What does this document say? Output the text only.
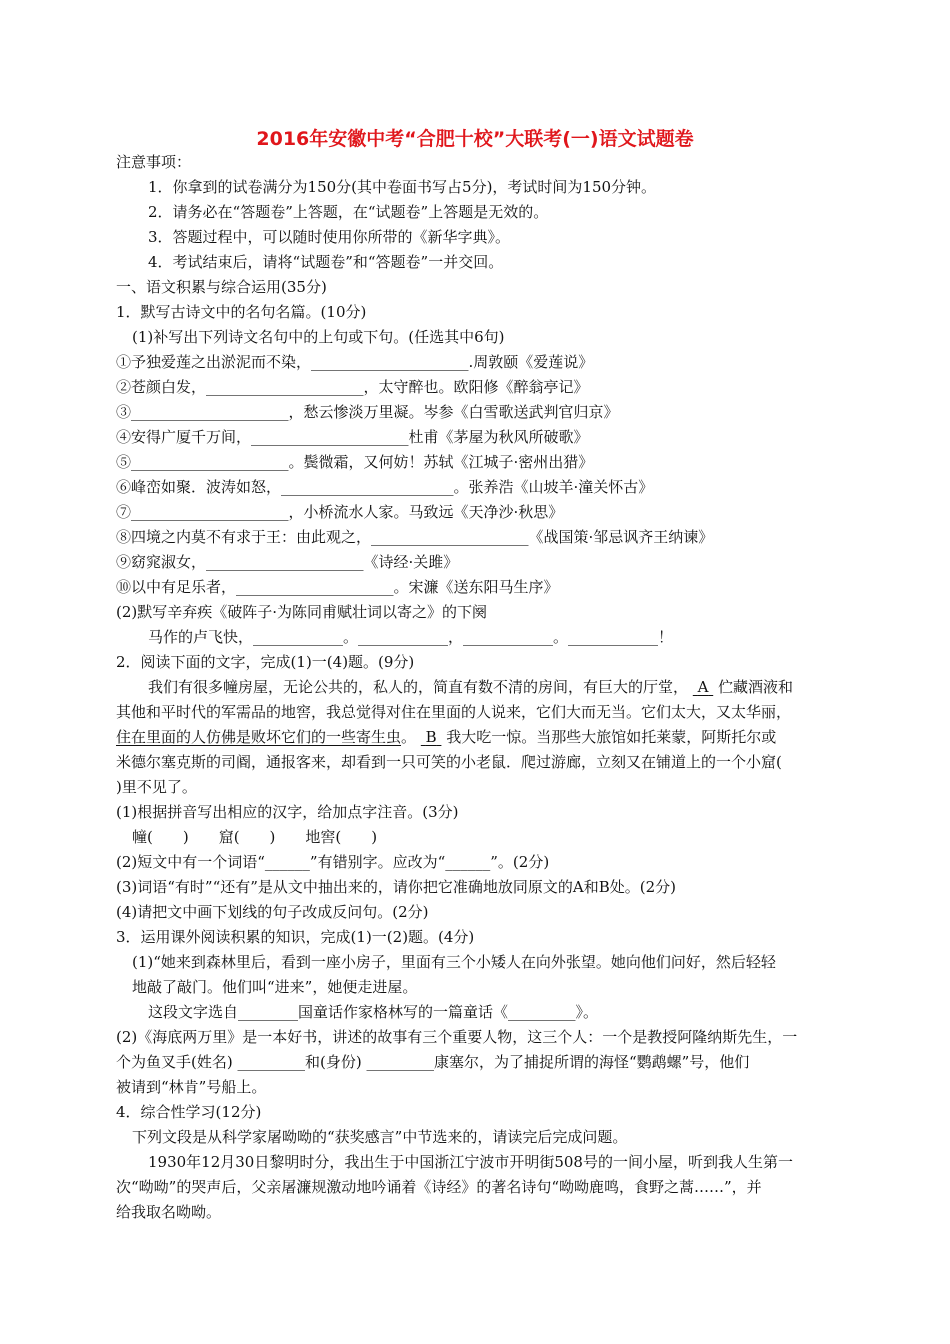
2016年安徽中考“合肥十校”大联考(一)语文试题卷
注意事项：
1．你拿到的试卷满分为150分(其中卷面书写占5分)，考试时间为150分钟。
2．请务必在“答题卷”上答题，在“试题卷”上答题是无效的。
3．答题过程中，可以随时使用你所带的《新华字典》。
4．考试结束后，请将“试题卷”和“答题卷”一并交回。
一、语文积累与综合运用(35分)
1．默写古诗文中的名句名篇。(10分)
(1)补写出下列诗文名句中的上句或下句。(任选其中6句)
①予独爱莲之出淤泥而不染，_____________________.周敦颐《爱莲说》
②苍颜白发，_____________________，太守醉也。欧阳修《醉翁亭记》
③_____________________，愁云惨淡万里凝。岑参《白雪歌送武判官归京》
④安得广厦千万间，_____________________杜甫《茅屋为秋风所破歌》
⑤_____________________。鬓微霜，又何妨！苏轼《江城子·密州出猎》
⑥峰峦如聚．波涛如怒，_______________________。张养浩《山坡羊·潼关怀古》
⑦_____________________，小桥流水人家。马致远《天净沙·秋思》
⑧四境之内莫不有求于王：由此观之，_____________________《战国策·邹忌讽齐王纳谏》
⑨窈窕淑女，_____________________《诗经·关雎》
⑩以中有足乐者，_____________________。宋濂《送东阳马生序》
(2)默写辛弃疾《破阵子·为陈同甫赋壮词以寄之》的下阕
马作的卢飞快，____________。____________，____________。____________！
2．阅读下面的文字，完成(1)一(4)题。(9分)
我们有很多幢房屋，无论公共的，私人的，简直有数不清的房间，有巨大的厅堂， A 伫藏酒液和
其他和平时代的军需品的地窖，我总觉得对住在里面的人说来，它们大而无当。它们太大，又太华丽，
住在里面的人仿佛是败坏它们的一些寄生虫。 B 我大吃一惊。当那些大旅馆如托莱蒙，阿斯托尔或
米德尔塞克斯的司阍，通报客来，却看到一只可笑的小老鼠．爬过游廊，立刻又在铺道上的一个小窟(
)里不见了。
(1)根据拼音写出相应的汉字，给加点字注音。(3分)
幢(　　)　　窟(　　)　　地窖(　　)
(2)短文中有一个词语“______”有错别字。应改为“______”。(2分)
(3)词语“有时”“还有”是从文中抽出来的，请你把它准确地放同原文的A和B处。(2分)
(4)请把文中画下划线的句子改成反问句。(2分)
3．运用课外阅读积累的知识，完成(1)一(2)题。(4分)
(1)“她来到森林里后，看到一座小房子，里面有三个小矮人在向外张望。她向他们问好，然后轻轻
地敲了敲门。他们叫“进来”，她便走进屋。
这段文字选自________国童话作家格林写的一篇童话《_________》。
(2)《海底两万里》是一本好书，讲述的故事有三个重要人物，这三个人：一个是教授阿隆纳斯先生，一
个为鱼叉手(姓名) _________和(身份) _________康塞尔，为了捕捉所谓的海怪“鹦鹉螺”号，他们
被请到“林肯”号船上。
4．综合性学习(12分)
下列文段是从科学家屠呦呦的“获奖感言”中节选来的，请读完后完成问题。
1930年12月30日黎明时分，我出生于中国浙江宁波市开明街508号的一间小屋，听到我人生第一
次“呦呦”的哭声后，父亲屠濂规激动地吟诵着《诗经》的著名诗句“呦呦鹿鸣，食野之蒿……”，并
给我取名呦呦。
